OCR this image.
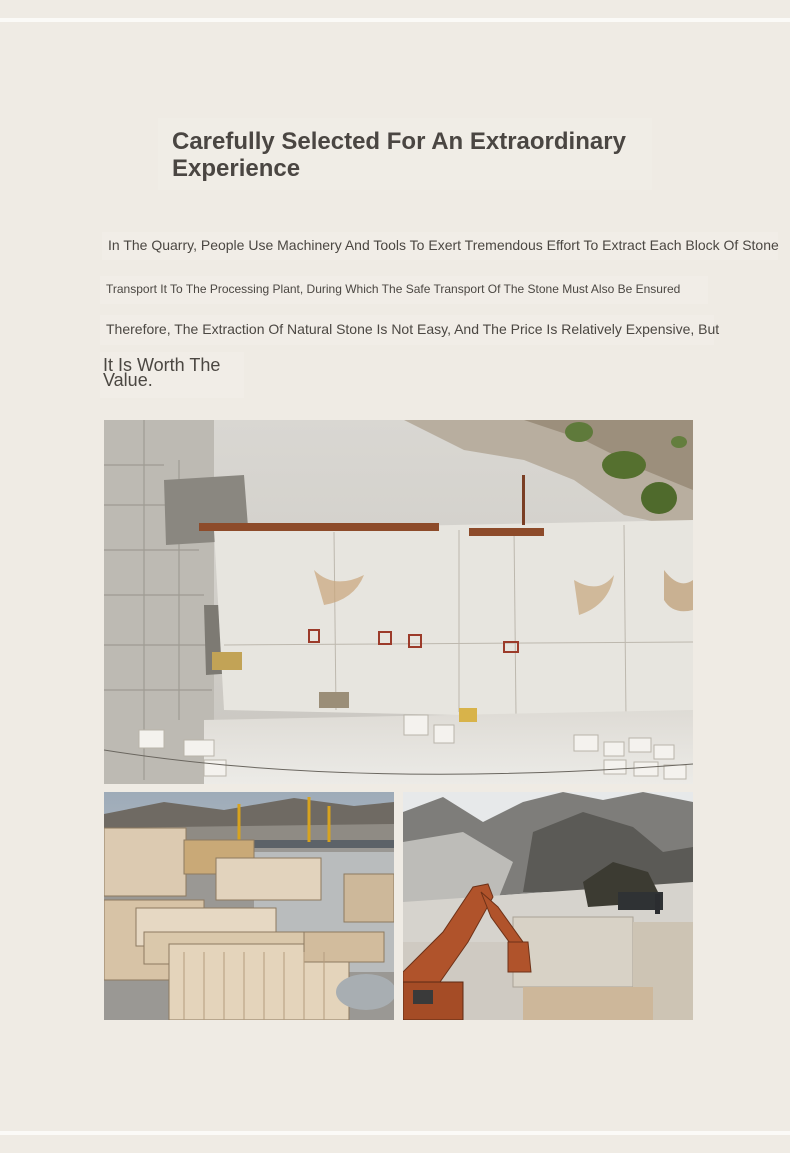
Carefully Selected For An Extraordinary Experience
In The Quarry, People Use Machinery And Tools To Exert Tremendous Effort To Extract Each Block Of Stone
Transport It To The Processing Plant, During Which The Safe Transport Of The Stone Must Also Be Ensured
Therefore, The Extraction Of Natural Stone Is Not Easy, And The Price Is Relatively Expensive, But
It Is Worth The Value.
